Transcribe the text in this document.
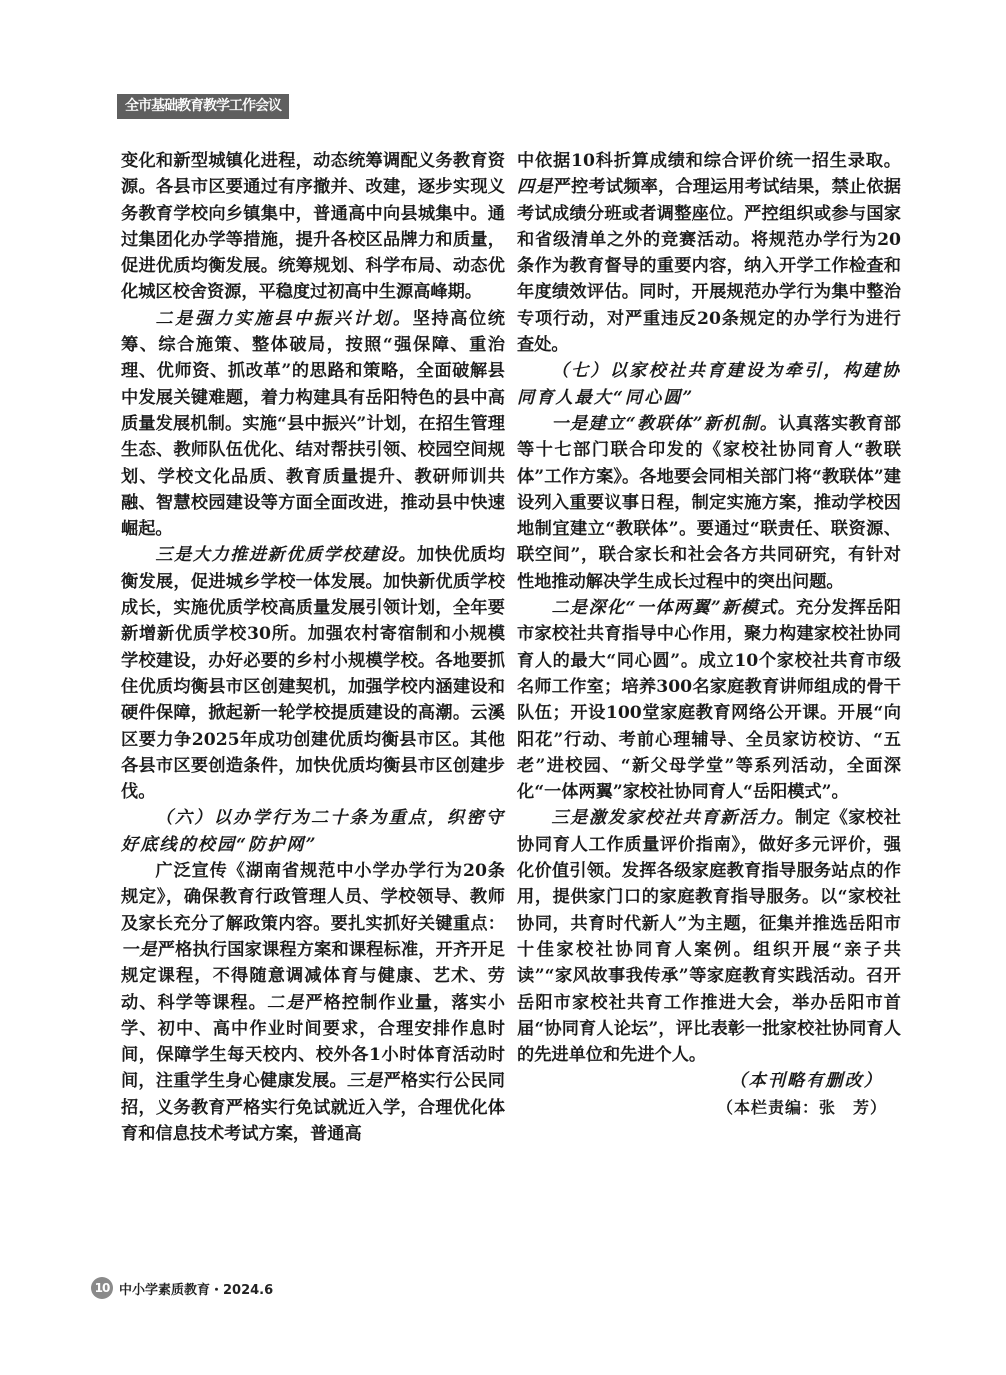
全市基础教育教学工作会议

变化和新型城镇化进程，动态统筹调配义务教育资源。各县市区要通过有序撤并、改建，逐步实现义务教育学校向乡镇集中，普通高中向县城集中。通过集团化办学等措施，提升各校区品牌力和质量，促进优质均衡发展。统筹规划、科学布局、动态优化城区校舍资源，平稳度过初高中生源高峰期。

二是强力实施县中振兴计划。坚持高位统筹、综合施策、整体破局，按照“强保障、重治理、优师资、抓改革”的思路和策略，全面破解县中发展关键难题，着力构建具有岳阳特色的县中高质量发展机制。实施“县中振兴”计划，在招生管理生态、教师队伍优化、结对帮扶引领、校园空间规划、学校文化品质、教育质量提升、教研师训共融、智慧校园建设等方面全面改进，推动县中快速崛起。

三是大力推进新优质学校建设。加快优质均衡发展，促进城乡学校一体发展。加快新优质学校成长，实施优质学校高质量发展引领计划，全年要新增新优质学校30所。加强农村寄宿制和小规模学校建设，办好必要的乡村小规模学校。各地要抓住优质均衡县市区创建契机，加强学校内涵建设和硬件保障，掀起新一轮学校提质建设的高潮。云溪区要力争2025年成功创建优质均衡县市区。其他各县市区要创造条件，加快优质均衡县市区创建步伐。

（六）以办学行为二十条为重点，织密守好底线的校园“防护网”

广泛宣传《湖南省规范中小学办学行为20条规定》，确保教育行政管理人员、学校领导、教师及家长充分了解政策内容。要扎实抓好关键重点：一是严格执行国家课程方案和课程标准，开齐开足规定课程，不得随意调减体育与健康、艺术、劳动、科学等课程。二是严格控制作业量，落实小学、初中、高中作业时间要求，合理安排作息时间，保障学生每天校内、校外各1小时体育活动时间，注重学生身心健康发展。三是严格实行公民同招，义务教育严格实行免试就近入学，合理优化体育和信息技术考试方案，普通高

中依据10科折算成绩和综合评价统一招生录取。四是严控考试频率，合理运用考试结果，禁止依据考试成绩分班或者调整座位。严控组织或参与国家和省级清单之外的竞赛活动。将规范办学行为20条作为教育督导的重要内容，纳入开学工作检查和年度绩效评估。同时，开展规范办学行为集中整治专项行动，对严重违反20条规定的办学行为进行查处。

（七）以家校社共育建设为牵引，构建协同育人最大“同心圆”

一是建立“教联体”新机制。认真落实教育部等十七部门联合印发的《家校社协同育人“教联体”工作方案》。各地要会同相关部门将“教联体”建设列入重要议事日程，制定实施方案，推动学校因地制宜建立“教联体”。要通过“联责任、联资源、联空间”，联合家长和社会各方共同研究，有针对性地推动解决学生成长过程中的突出问题。

二是深化“一体两翼”新模式。充分发挥岳阳市家校社共育指导中心作用，聚力构建家校社协同育人的最大“同心圆”。成立10个家校社共育市级名师工作室；培养300名家庭教育讲师组成的骨干队伍；开设100堂家庭教育网络公开课。开展“向阳花”行动、考前心理辅导、全员家访校访、“五老”进校园、“新父母学堂”等系列活动，全面深化“一体两翼”家校社协同育人“岳阳模式”。

三是激发家校社共育新活力。制定《家校社协同育人工作质量评价指南》，做好多元评价，强化价值引领。发挥各级家庭教育指导服务站点的作用，提供家门口的家庭教育指导服务。以“家校社协同，共育时代新人”为主题，征集并推选岳阳市十佳家校社协同育人案例。组织开展“亲子共读”“家风故事我传承”等家庭教育实践活动。召开岳阳市家校社共育工作推进大会，举办岳阳市首届“协同育人论坛”，评比表彰一批家校社协同育人的先进单位和先进个人。

（本刊略有删改）

（本栏责编：张　芳）

10 中小学素质教育・2024.6
